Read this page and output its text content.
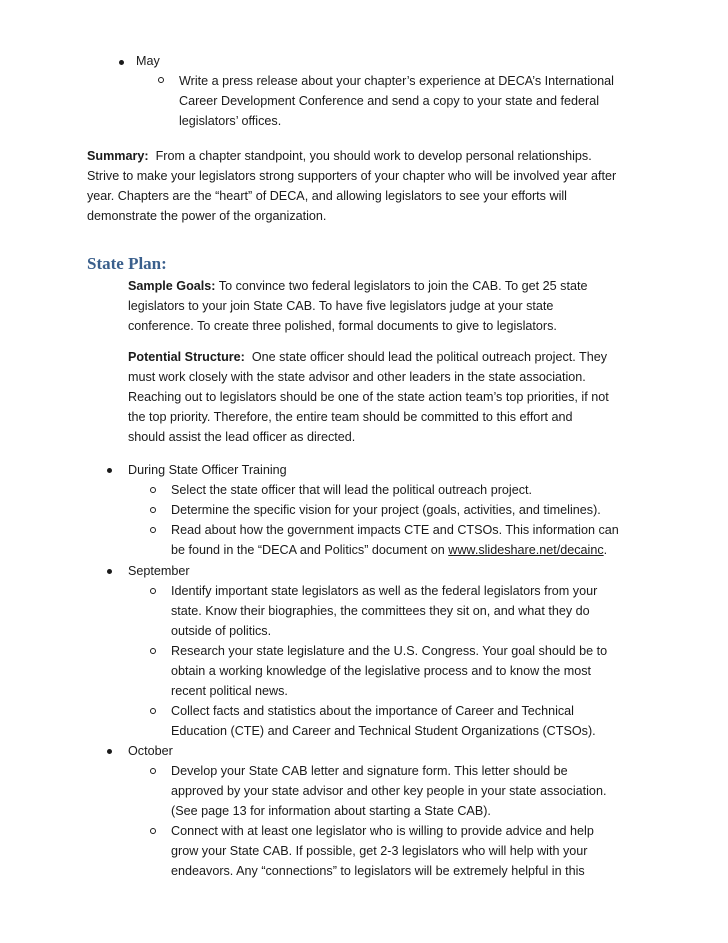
May
Write a press release about your chapter’s experience at DECA’s International
Career Development Conference and send a copy to your state and federal
legislators’ offices.
Summary: From a chapter standpoint, you should work to develop personal relationships.
Strive to make your legislators strong supporters of your chapter who will be involved year after
year. Chapters are the “heart” of DECA, and allowing legislators to see your efforts will
demonstrate the power of the organization.
State Plan:
Sample Goals: To convince two federal legislators to join the CAB. To get 25 state
legislators to your join State CAB. To have five legislators judge at your state
conference. To create three polished, formal documents to give to legislators.
Potential Structure: One state officer should lead the political outreach project. They
must work closely with the state advisor and other leaders in the state association.
Reaching out to legislators should be one of the state action team’s top priorities, if not
the top priority. Therefore, the entire team should be committed to this effort and
should assist the lead officer as directed.
During State Officer Training
Select the state officer that will lead the political outreach project.
Determine the specific vision for your project (goals, activities, and timelines).
Read about how the government impacts CTE and CTSOs. This information can
be found in the “DECA and Politics” document on www.slideshare.net/decainc.
September
Identify important state legislators as well as the federal legislators from your
state. Know their biographies, the committees they sit on, and what they do
outside of politics.
Research your state legislature and the U.S. Congress. Your goal should be to
obtain a working knowledge of the legislative process and to know the most
recent political news.
Collect facts and statistics about the importance of Career and Technical
Education (CTE) and Career and Technical Student Organizations (CTSOs).
October
Develop your State CAB letter and signature form. This letter should be
approved by your state advisor and other key people in your state association.
(See page 13 for information about starting a State CAB).
Connect with at least one legislator who is willing to provide advice and help
grow your State CAB. If possible, get 2-3 legislators who will help with your
endeavors. Any “connections” to legislators will be extremely helpful in this
